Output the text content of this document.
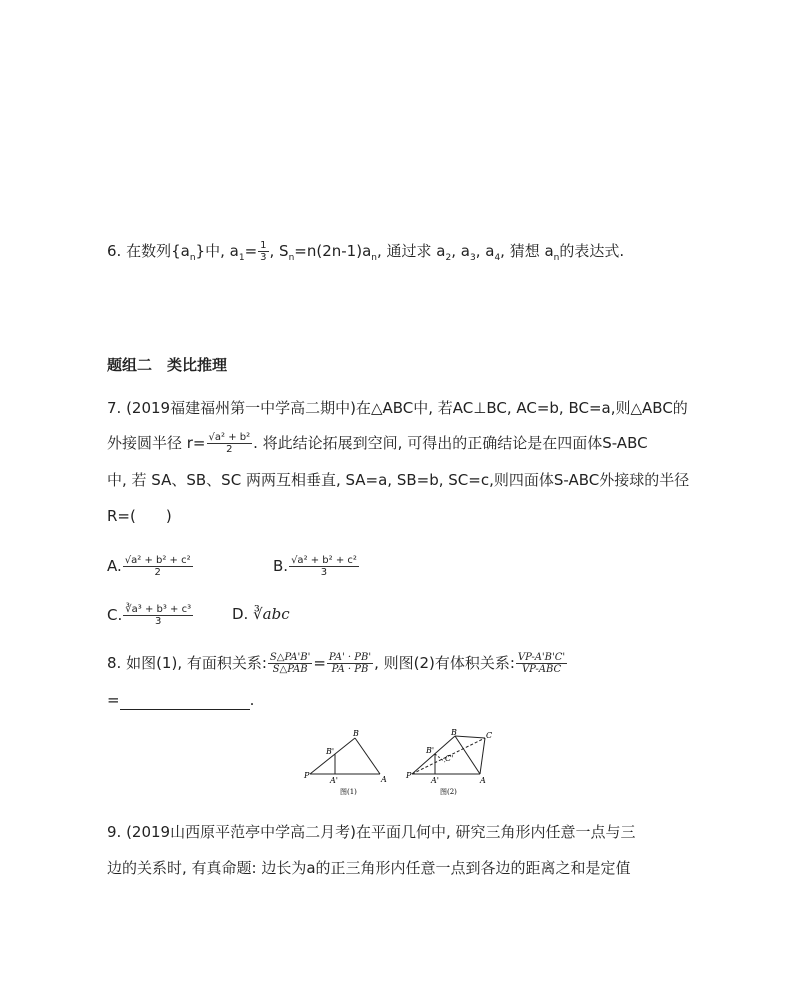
6. 在数列$\{a_n\}$中, $a_1= \frac{1}{3}$ , $S_n=n(2n-1)a_n$, 通过求 $a_2$, $a_3$, $a_4$, 猜想 $a_n$的表达式.
题组二　类比推理
7. (2019福建福州第一中学高二期中)在△ABC中, 若AC⊥BC, AC=b, BC=a,则△ABC的
外接圆半径 $r= \frac{\text{√a² + b²}}{2}$ . 将此结论拓展到空间, 可得出的正确结论是在四面体S-ABC
中, 若 SA、SB、SC 两两互相垂直, SA=a, SB=b, SC=c,则四面体S-ABC外接球的半径
R=(　　)
A. $\frac{\text{√a² + b² + c²}}{2}$	B. $\frac{\text{√a² + b² + c²}}{3}$
C. $\frac{\text{∛a³ + b³ + c³}}{3}$	D. ∛abc
8. 如图(1), 有面积关系: $\frac{S\triangle PA'B'}{\text{S△PAB}} = \frac{PA' \cdot PB'}{PA \cdot PB}$ , 则图(2)有体积关系: $\frac{VP-A'B'C'}{\text{VP-ABC}}$
=	.
P	A
B
A'
B'
图(1)
P
A
B	C
A'
B'
C'
图(2)
9. (2019山西原平范亭中学高二月考)在平面几何中, 研究三角形内任意一点与三
边的关系时, 有真命题: 边长为a的正三角形内任意一点到各边的距离之和是定值
